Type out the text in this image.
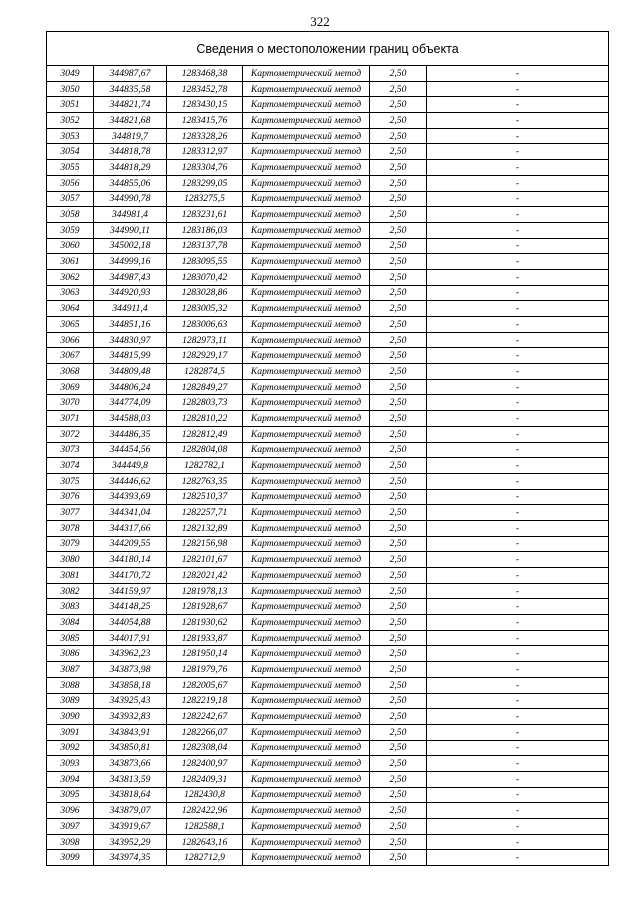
322
Сведения о местоположении границ объекта					
3049	344987,67	1283468,38	Картометрический метод	2,50	-
3050	344835,58	1283452,78	Картометрический метод	2,50	-
3051	344821,74	1283430,15	Картометрический метод	2,50	-
3052	344821,68	1283415,76	Картометрический метод	2,50	-
3053	344819,7	1283328,26	Картометрический метод	2,50	-
3054	344818,78	1283312,97	Картометрический метод	2,50	-
3055	344818,29	1283304,76	Картометрический метод	2,50	-
3056	344855,06	1283299,05	Картометрический метод	2,50	-
3057	344990,78	1283275,5	Картометрический метод	2,50	-
3058	344981,4	1283231,61	Картометрический метод	2,50	-
3059	344990,11	1283186,03	Картометрический метод	2,50	-
3060	345002,18	1283137,78	Картометрический метод	2,50	-
3061	344999,16	1283095,55	Картометрический метод	2,50	-
3062	344987,43	1283070,42	Картометрический метод	2,50	-
3063	344920,93	1283028,86	Картометрический метод	2,50	-
3064	344911,4	1283005,32	Картометрический метод	2,50	-
3065	344851,16	1283006,63	Картометрический метод	2,50	-
3066	344830,97	1282973,11	Картометрический метод	2,50	-
3067	344815,99	1282929,17	Картометрический метод	2,50	-
3068	344809,48	1282874,5	Картометрический метод	2,50	-
3069	344806,24	1282849,27	Картометрический метод	2,50	-
3070	344774,09	1282803,73	Картометрический метод	2,50	-
3071	344588,03	1282810,22	Картометрический метод	2,50	-
3072	344486,35	1282812,49	Картометрический метод	2,50	-
3073	344454,56	1282804,08	Картометрический метод	2,50	-
3074	344449,8	1282782,1	Картометрический метод	2,50	-
3075	344446,62	1282763,35	Картометрический метод	2,50	-
3076	344393,69	1282510,37	Картометрический метод	2,50	-
3077	344341,04	1282257,71	Картометрический метод	2,50	-
3078	344317,66	1282132,89	Картометрический метод	2,50	-
3079	344209,55	1282156,98	Картометрический метод	2,50	-
3080	344180,14	1282101,67	Картометрический метод	2,50	-
3081	344170,72	1282021,42	Картометрический метод	2,50	-
3082	344159,97	1281978,13	Картометрический метод	2,50	-
3083	344148,25	1281928,67	Картометрический метод	2,50	-
3084	344054,88	1281930,62	Картометрический метод	2,50	-
3085	344017,91	1281933,87	Картометрический метод	2,50	-
3086	343962,23	1281950,14	Картометрический метод	2,50	-
3087	343873,98	1281979,76	Картометрический метод	2,50	-
3088	343858,18	1282005,67	Картометрический метод	2,50	-
3089	343925,43	1282219,18	Картометрический метод	2,50	-
3090	343932,83	1282242,67	Картометрический метод	2,50	-
3091	343843,91	1282266,07	Картометрический метод	2,50	-
3092	343850,81	1282308,04	Картометрический метод	2,50	-
3093	343873,66	1282400,97	Картометрический метод	2,50	-
3094	343813,59	1282409,31	Картометрический метод	2,50	-
3095	343818,64	1282430,8	Картометрический метод	2,50	-
3096	343879,07	1282422,96	Картометрический метод	2,50	-
3097	343919,67	1282588,1	Картометрический метод	2,50	-
3098	343952,29	1282643,16	Картометрический метод	2,50	-
3099	343974,35	1282712,9	Картометрический метод	2,50	-
